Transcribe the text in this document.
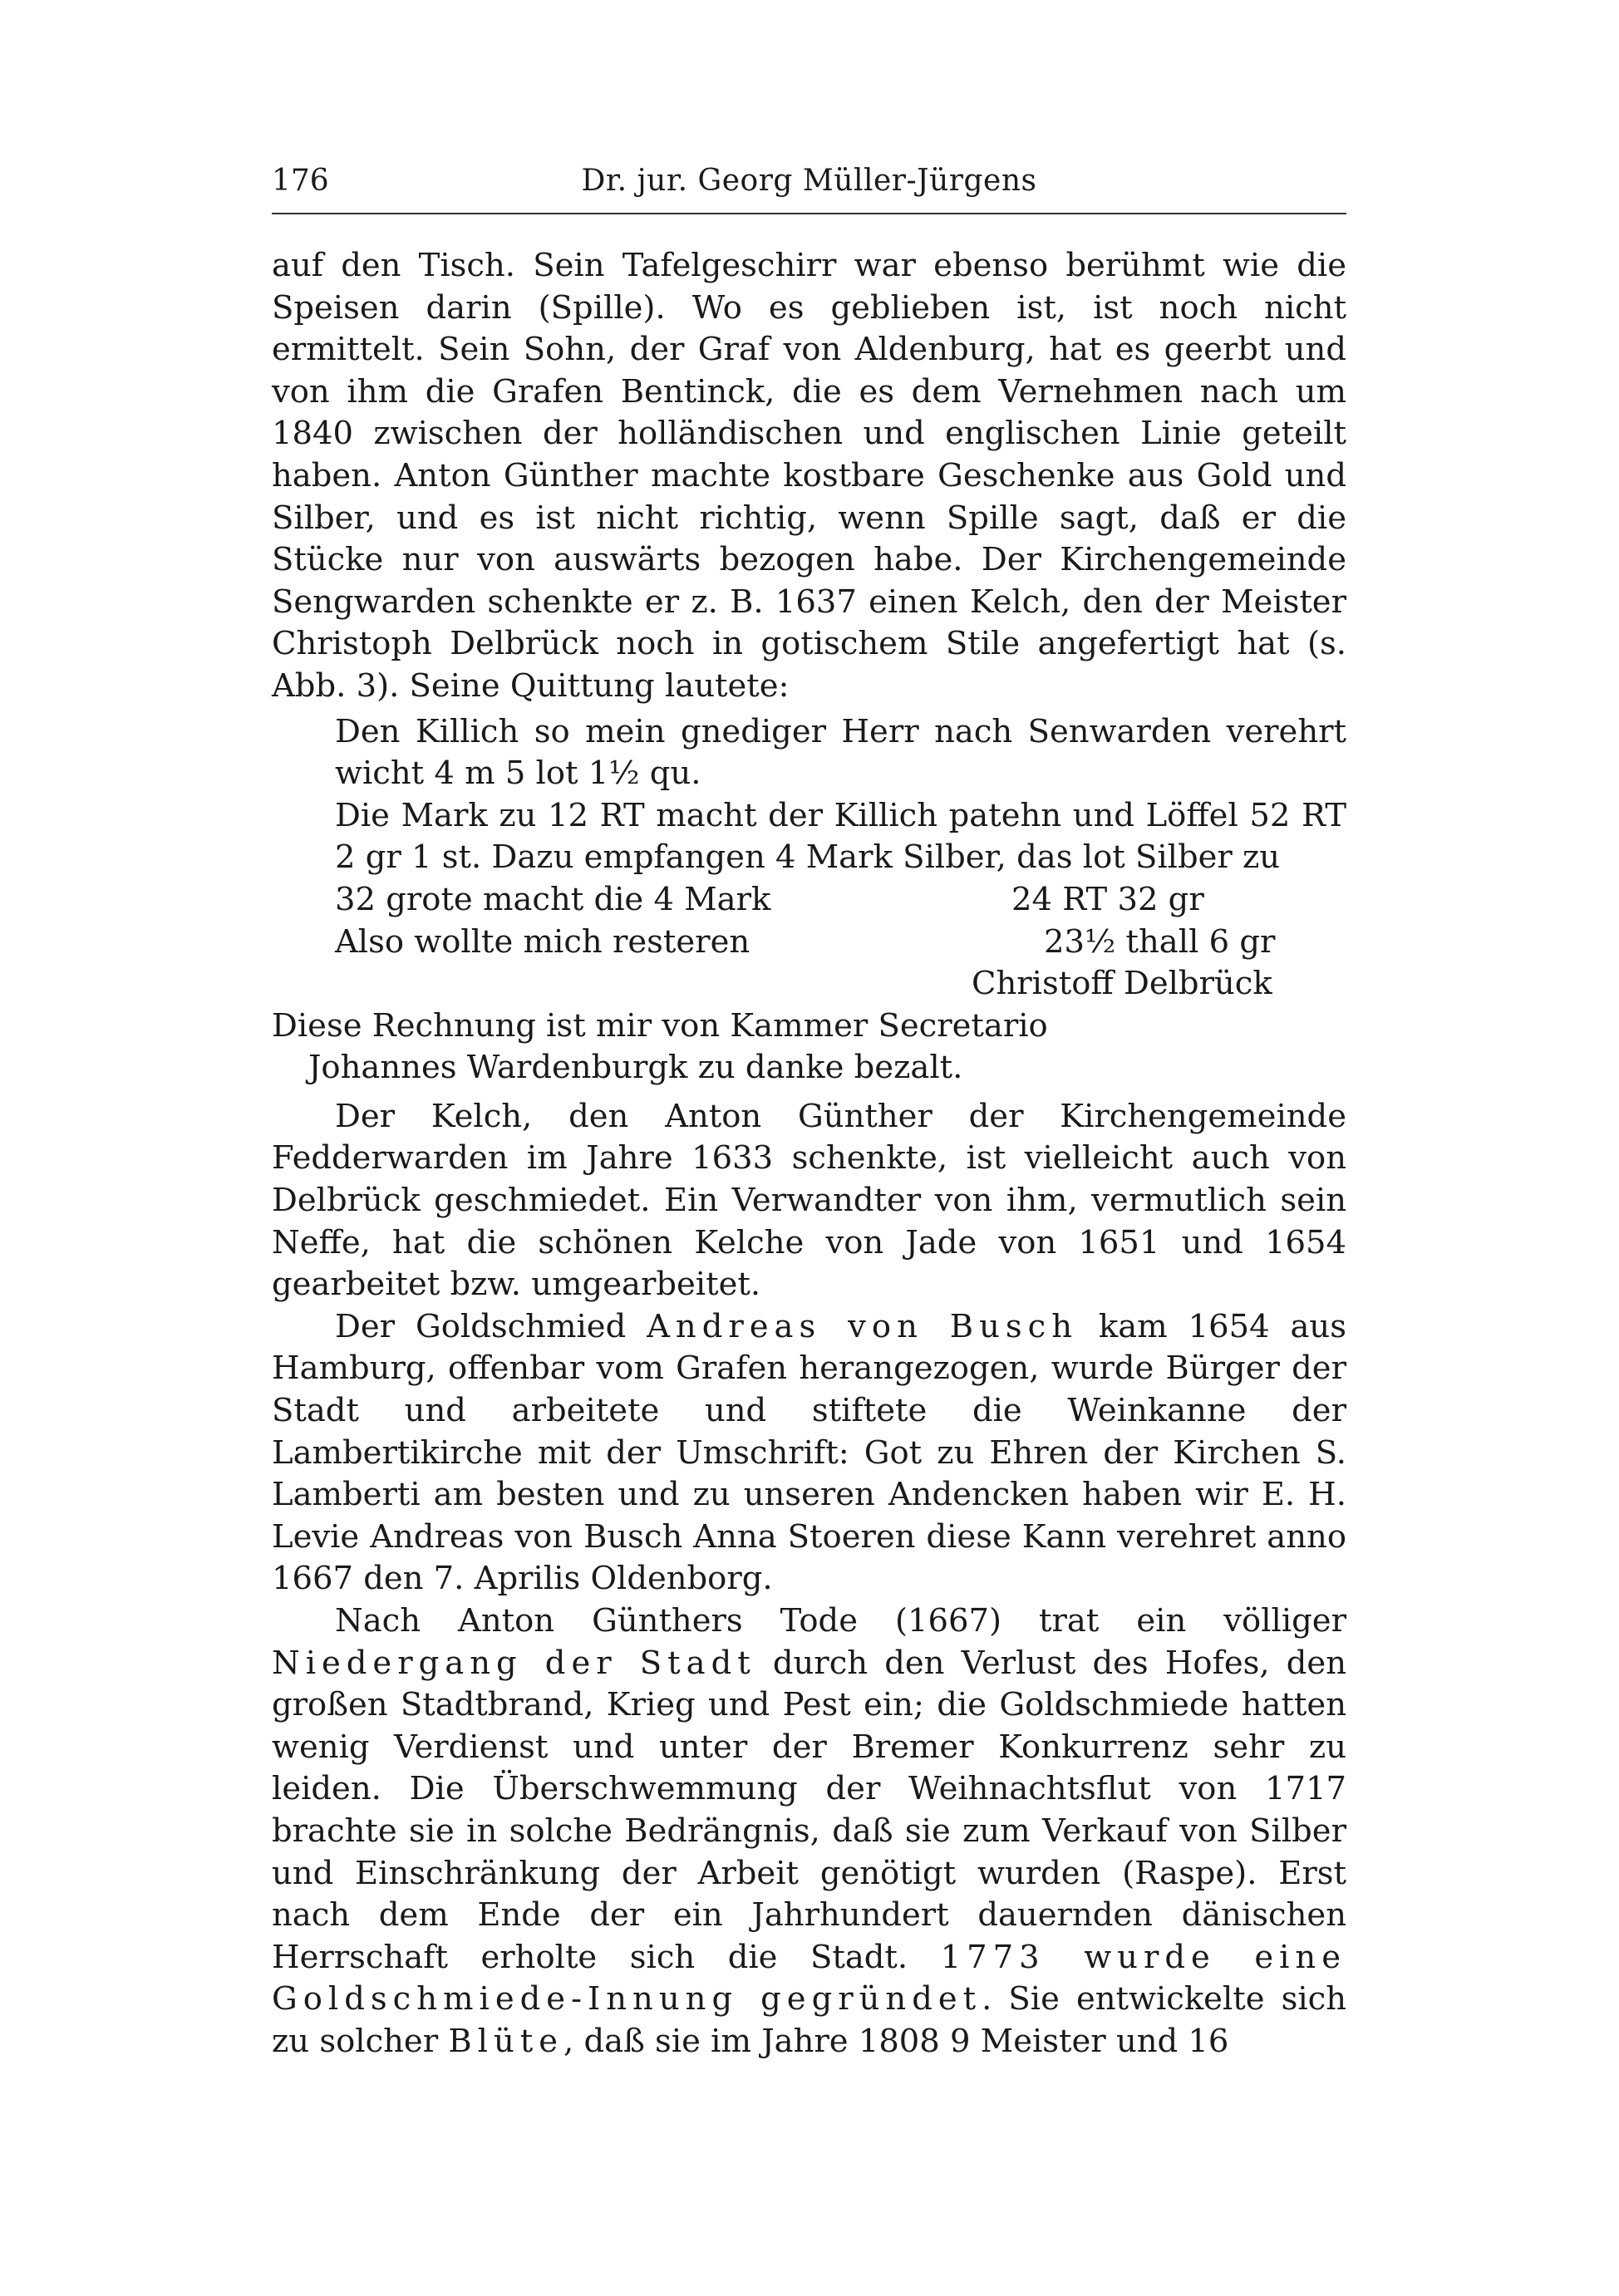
176	Dr. jur. Georg Müller-Jürgens

auf den Tisch. Sein Tafelgeschirr war ebenso berühmt wie die Speisen darin (Spille). Wo es geblieben ist, ist noch nicht ermittelt. Sein Sohn, der Graf von Aldenburg, hat es geerbt und von ihm die Grafen Bentinck, die es dem Vernehmen nach um 1840 zwischen der holländischen und englischen Linie geteilt haben. Anton Günther machte kostbare Geschenke aus Gold und Silber, und es ist nicht richtig, wenn Spille sagt, daß er die Stücke nur von auswärts bezogen habe. Der Kirchengemeinde Sengwarden schenkte er z. B. 1637 einen Kelch, den der Meister Christoph Delbrück noch in gotischem Stile angefertigt hat (s. Abb. 3). Seine Quittung lautete:

Den Killich so mein gnediger Herr nach Senwarden verehrt wicht 4 m 5 lot 1½ qu.

Die Mark zu 12 RT macht der Killich patehn und Löffel 52 RT 2 gr 1 st. Dazu empfangen 4 Mark Silber, das lot Silber zu

32 grote macht die 4 Mark	24 RT 32 gr
Also wollte mich resteren	23½ thall 6 gr
Christoff Delbrück

Diese Rechnung ist mir von Kammer Secretario

Johannes Wardenburgk zu danke bezalt.

Der Kelch, den Anton Günther der Kirchengemeinde Fedderwarden im Jahre 1633 schenkte, ist vielleicht auch von Delbrück geschmiedet. Ein Verwandter von ihm, vermutlich sein Neffe, hat die schönen Kelche von Jade von 1651 und 1654 gearbeitet bzw. umgearbeitet.

Der Goldschmied Andreas von Busch kam 1654 aus Hamburg, offenbar vom Grafen herangezogen, wurde Bürger der Stadt und arbeitete und stiftete die Weinkanne der Lambertikirche mit der Umschrift: Got zu Ehren der Kirchen S. Lamberti am besten und zu unseren Andencken haben wir E. H. Levie Andreas von Busch Anna Stoeren diese Kann verehret anno 1667 den 7. Aprilis Oldenborg.

Nach Anton Günthers Tode (1667) trat ein völliger Niedergang der Stadt durch den Verlust des Hofes, den großen Stadtbrand, Krieg und Pest ein; die Goldschmiede hatten wenig Verdienst und unter der Bremer Konkurrenz sehr zu leiden. Die Überschwemmung der Weihnachtsflut von 1717 brachte sie in solche Bedrängnis, daß sie zum Verkauf von Silber und Einschränkung der Arbeit genötigt wurden (Raspe). Erst nach dem Ende der ein Jahrhundert dauernden dänischen Herrschaft erholte sich die Stadt. 1773 wurde eine Goldschmiede-Innung gegründet. Sie entwickelte sich zu solcher Blüte, daß sie im Jahre 1808 9 Meister und 16
